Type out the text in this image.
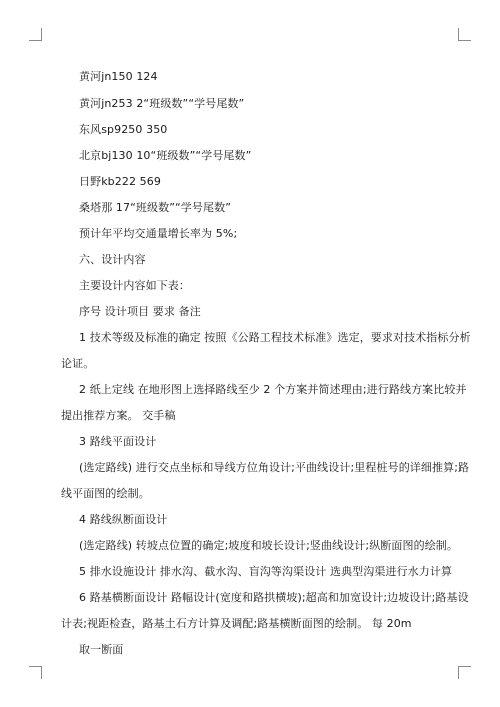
黄河jn150 124
黄河jn253 2“班级数”“学号尾数”
东风sp9250 350
北京bj130 10“班级数”“学号尾数”
日野kb222 569
桑塔那 17“班级数”“学号尾数”
预计年平均交通量增长率为 5%;
六、设计内容
主要设计内容如下表：
序号 设计项目 要求 备注
1 技术等级及标准的确定 按照《公路工程技术标准》选定，要求对技术指标分析
论证。
2 纸上定线 在地形图上选择路线至少 2 个方案并简述理由;进行路线方案比较并
提出推荐方案。 交手稿
3 路线平面设计
(选定路线) 进行交点坐标和导线方位角设计;平曲线设计;里程桩号的详细推算;路
线平面图的绘制。
4 路线纵断面设计
(选定路线) 转坡点位置的确定;坡度和坡长设计;竖曲线设计;纵断面图的绘制。
5 排水设施设计 排水沟、截水沟、盲沟等沟渠设计 选典型沟渠进行水力计算
6 路基横断面设计 路幅设计(宽度和路拱横坡);超高和加宽设计;边坡设计;路基设
计表;视距检查，路基土石方计算及调配;路基横断面图的绘制。 每 20m
取一断面
